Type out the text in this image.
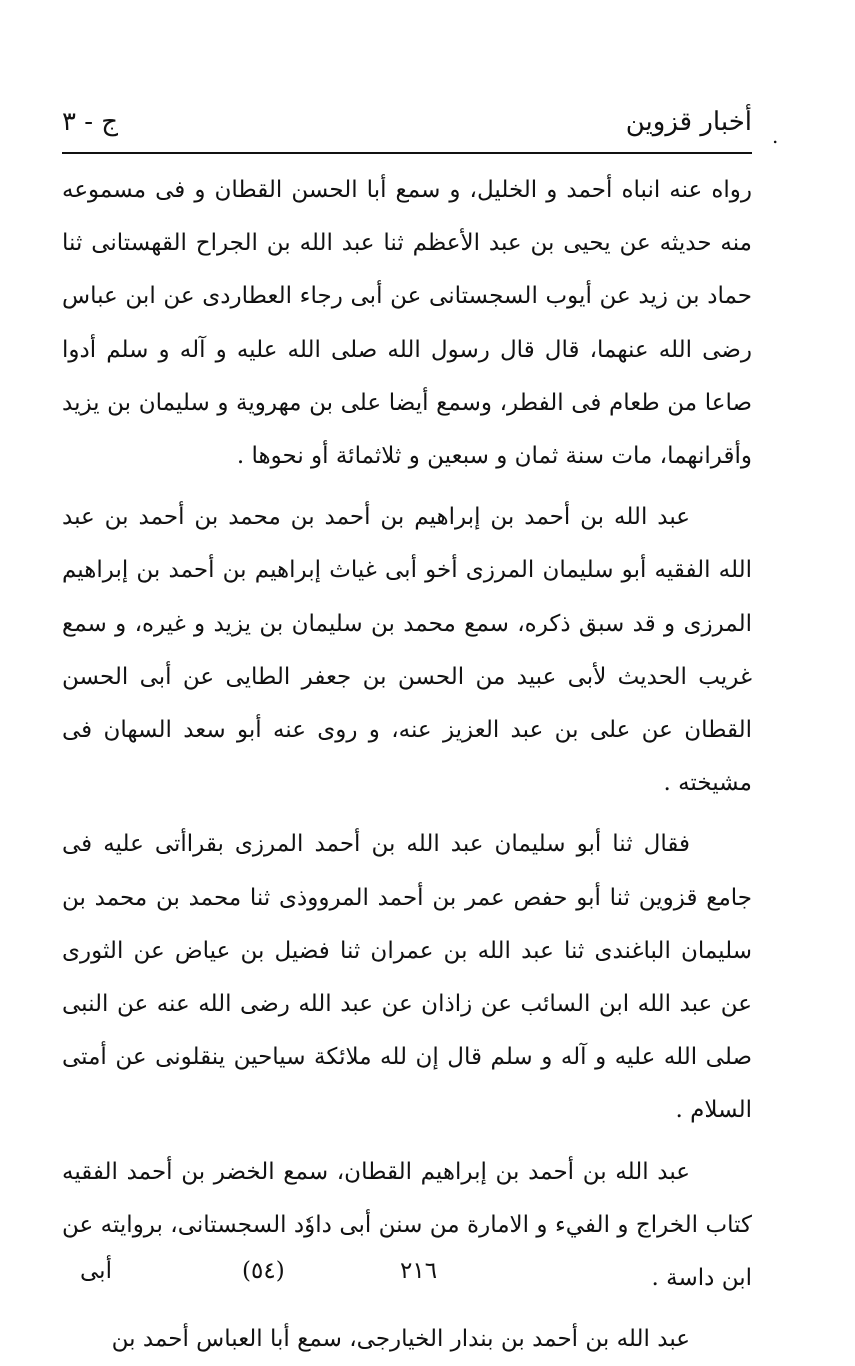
أخبار قزوين
ج - ٣	.

رواه عنه انباه أحمد و الخليل، و سمع أبا الحسن القطان و فى مسموعه منه حديثه عن يحيى بن عبد الأعظم ثنا عبد الله بن الجراح القهستانى ثنا حماد بن زيد عن أيوب السجستانى عن أبى رجاء العطاردى عن ابن عباس رضى الله عنهما، قال قال رسول الله صلى الله عليه و آله و سلم أدوا صاعا من طعام فى الفطر، وسمع أيضا على بن مهروية و سليمان بن يزيد وأقرانهما، مات سنة ثمان و سبعين و ثلاثمائة أو نحوها .

عبد الله بن أحمد بن إبراهيم بن أحمد بن محمد بن أحمد بن عبد الله الفقيه أبو سليمان المرزى أخو أبى غياث إبراهيم بن أحمد بن إبراهيم المرزى و قد سبق ذكره، سمع محمد بن سليمان بن يزيد و غيره، و سمع غريب الحديث لأبى عبيد من الحسن بن جعفر الطايى عن أبى الحسن القطان عن على بن عبد العزيز عنه، و روى عنه أبو سعد السهان فى مشيخته .

فقال ثنا أبو سليمان عبد الله بن أحمد المرزى بقراأتى عليه فى جامع قزوين ثنا أبو حفص عمر بن أحمد المرووذى ثنا محمد بن محمد بن سليمان الباغندى ثنا عبد الله بن عمران ثنا فضيل بن عياض عن الثورى عن عبد الله ابن السائب عن زاذان عن عبد الله رضى الله عنه عن النبى صلى الله عليه و آله و سلم قال إن لله ملائكة سياحين ينقلونى عن أمتى السلام .

عبد الله بن أحمد بن إبراهيم القطان، سمع الخضر بن أحمد الفقيه كتاب الخراج و الفيء و الامارة من سنن أبى داوٗد السجستانى، بروايته عن ابن داسة .

عبد الله بن أحمد بن بندار الخيارجى، سمع أبا العباس أحمد بن

٢١٦
(٥٤)
أبى
